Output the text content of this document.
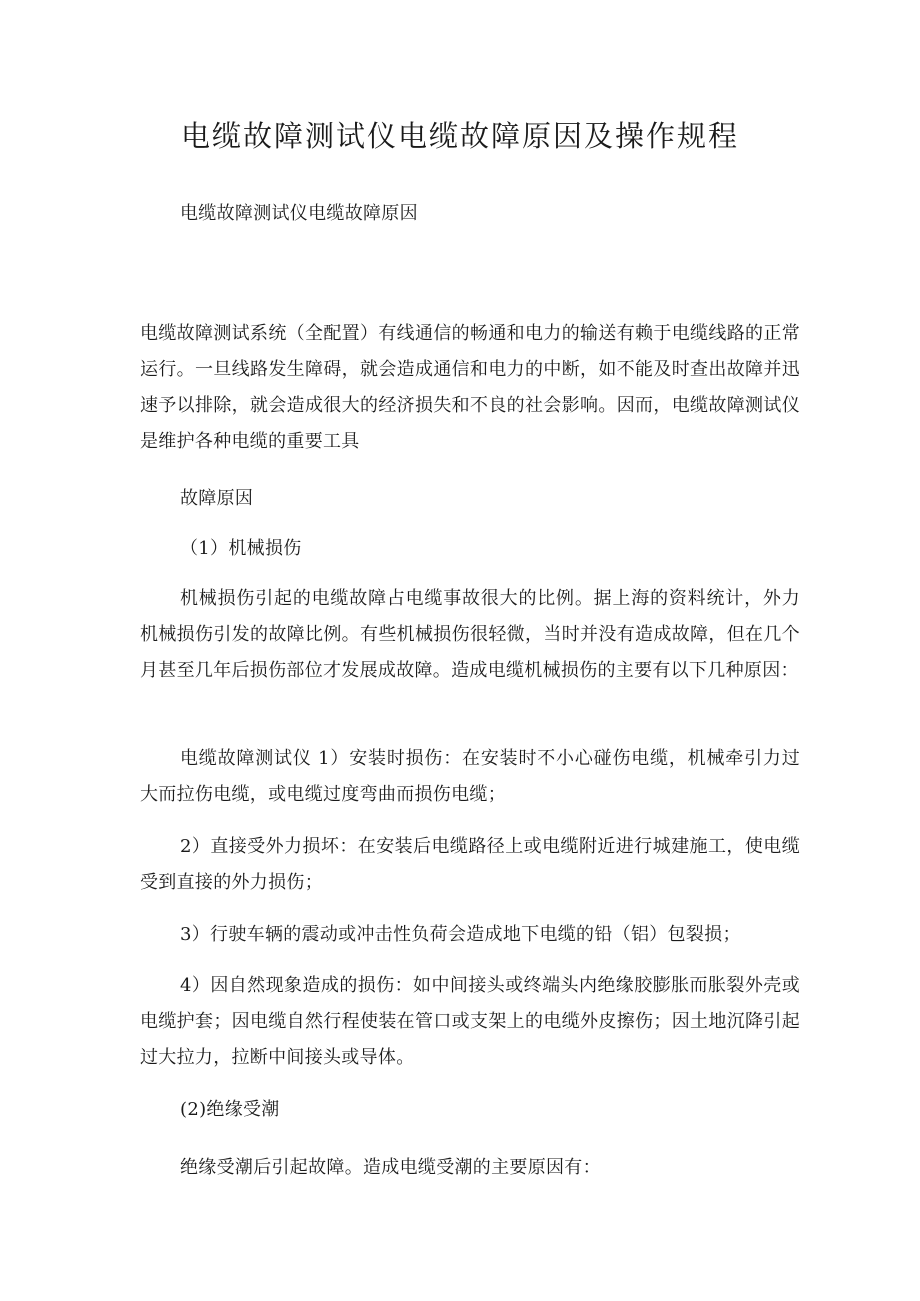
电缆故障测试仪电缆故障原因及操作规程

电缆故障测试仪电缆故障原因

电缆故障测试系统（全配置）有线通信的畅通和电力的输送有赖于电缆线路的正常运行。一旦线路发生障碍，就会造成通信和电力的中断，如不能及时查出故障并迅速予以排除，就会造成很大的经济损失和不良的社会影响。因而，电缆故障测试仪是维护各种电缆的重要工具

故障原因

（1）机械损伤

机械损伤引起的电缆故障占电缆事故很大的比例。据上海的资料统计，外力机械损伤引发的故障比例。有些机械损伤很轻微，当时并没有造成故障，但在几个月甚至几年后损伤部位才发展成故障。造成电缆机械损伤的主要有以下几种原因：

电缆故障测试仪 1）安装时损伤：在安装时不小心碰伤电缆，机械牵引力过大而拉伤电缆，或电缆过度弯曲而损伤电缆；

2）直接受外力损坏：在安装后电缆路径上或电缆附近进行城建施工，使电缆受到直接的外力损伤；

3）行驶车辆的震动或冲击性负荷会造成地下电缆的铅（铝）包裂损；

4）因自然现象造成的损伤：如中间接头或终端头内绝缘胶膨胀而胀裂外壳或电缆护套；因电缆自然行程使装在管口或支架上的电缆外皮擦伤；因土地沉降引起过大拉力，拉断中间接头或导体。

(2)绝缘受潮

绝缘受潮后引起故障。造成电缆受潮的主要原因有：
